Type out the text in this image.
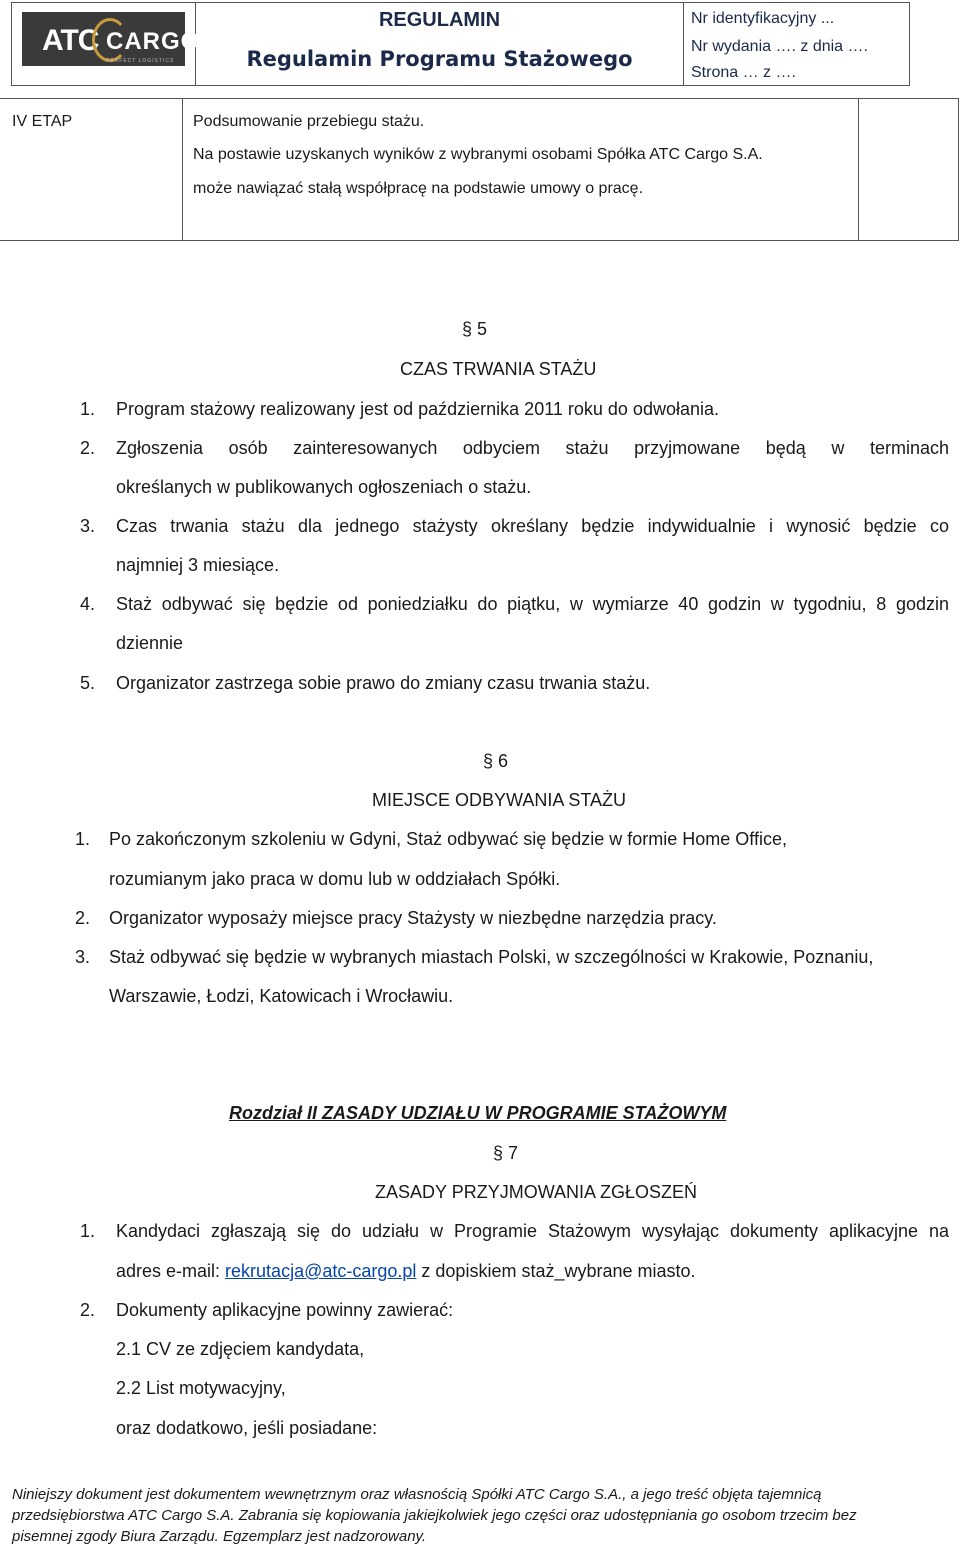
ATC CARGO
PERFECT LOGISTICS
REGULAMIN
Regulamin Programu Stażowego
Nr identyfikacyjny ...
Nr wydania …. z dnia ….
Strona … z ….
IV ETAP	Podsumowanie przebiegu stażu.
Na postawie uzyskanych wyników z wybranymi osobami Spółka ATC Cargo S.A.
może nawiązać stałą współpracę na podstawie umowy o pracę.
§ 5
CZAS TRWANIA STAŻU
1. Program stażowy realizowany jest od października 2011 roku do odwołania.
2. Zgłoszenia osób zainteresowanych odbyciem stażu przyjmowane będą w terminach
określanych w publikowanych ogłoszeniach o stażu.
3. Czas trwania stażu dla jednego stażysty określany będzie indywidualnie i wynosić będzie co
najmniej 3 miesiące.
4. Staż odbywać się będzie od poniedziałku do piątku, w wymiarze 40 godzin w tygodniu, 8 godzin
dziennie
5. Organizator zastrzega sobie prawo do zmiany czasu trwania stażu.
§ 6
MIEJSCE ODBYWANIA STAŻU
1. Po zakończonym szkoleniu w Gdyni, Staż odbywać się będzie w formie Home Office,
rozumianym jako praca w domu lub w oddziałach Spółki.
2. Organizator wyposaży miejsce pracy Stażysty w niezbędne narzędzia pracy.
3. Staż odbywać się będzie w wybranych miastach Polski, w szczególności w Krakowie, Poznaniu,
Warszawie, Łodzi, Katowicach i Wrocławiu.
Rozdział II ZASADY UDZIAŁU W PROGRAMIE STAŻOWYM
§ 7
ZASADY PRZYJMOWANIA ZGŁOSZEŃ
1. Kandydaci zgłaszają się do udziału w Programie Stażowym wysyłając dokumenty aplikacyjne na
adres e-mail: rekrutacja@atc-cargo.pl z dopiskiem staż_wybrane miasto.
2. Dokumenty aplikacyjne powinny zawierać:
2.1 CV ze zdjęciem kandydata,
2.2 List motywacyjny,
oraz dodatkowo, jeśli posiadane:
Niniejszy dokument jest dokumentem wewnętrznym oraz własnością Spółki ATC Cargo S.A., a jego treść objęta tajemnicą
przedsiębiorstwa ATC Cargo S.A. Zabrania się kopiowania jakiejkolwiek jego części oraz udostępniania go osobom trzecim bez
pisemnej zgody Biura Zarządu. Egzemplarz jest nadzorowany.
